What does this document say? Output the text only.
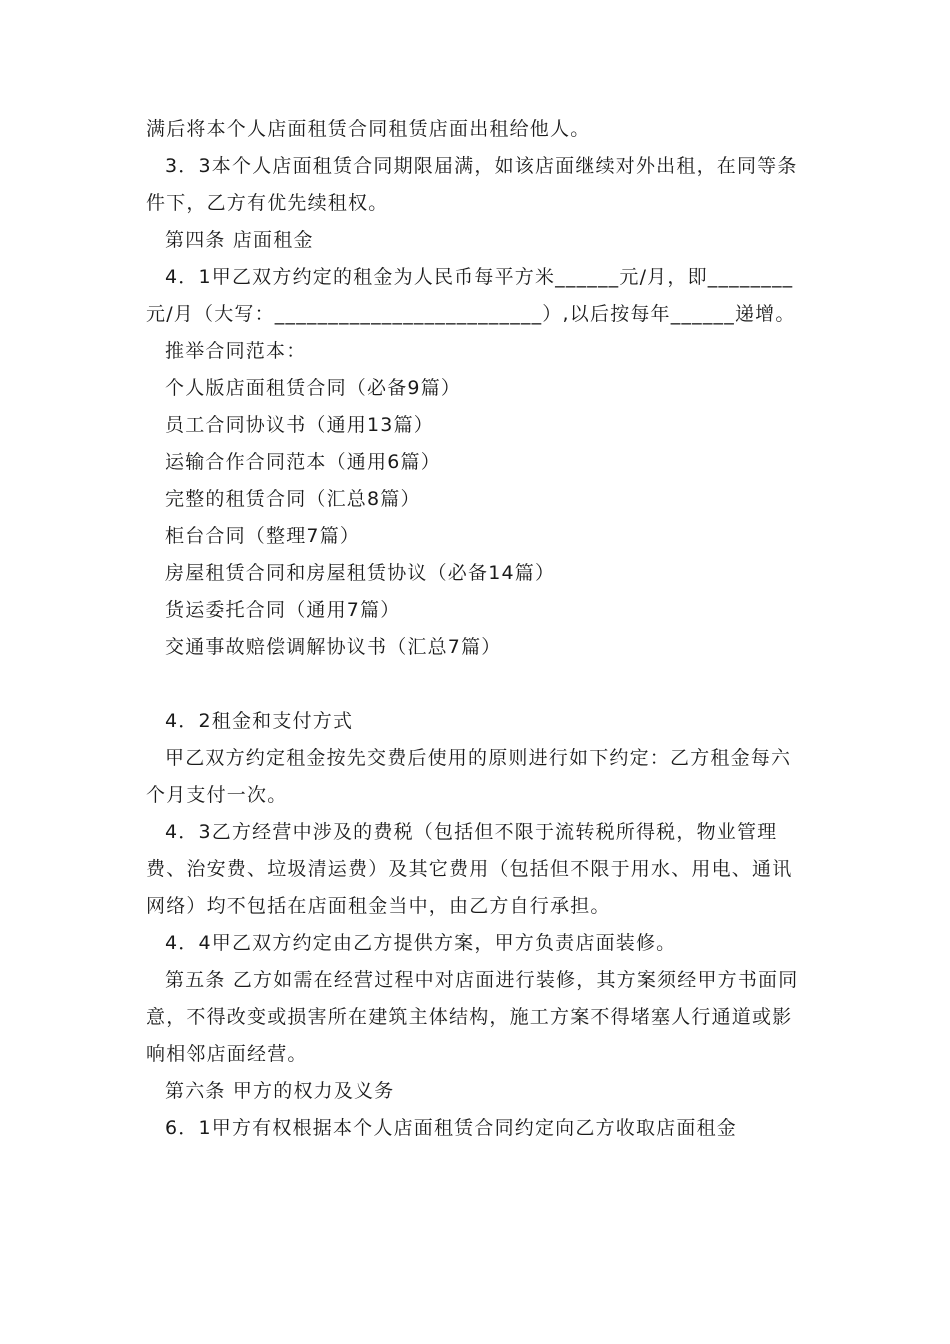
满后将本个人店面租赁合同租赁店面出租给他人。

3．3本个人店面租赁合同期限届满，如该店面继续对外出租，在同等条件下，乙方有优先续租权。

第四条 店面租金

4．1甲乙双方约定的租金为人民币每平方米______元/月，即________元/月（大写：_________________________）,以后按每年______递增。

推举合同范本：

个人版店面租赁合同（必备9篇）

员工合同协议书（通用13篇）

运输合作合同范本（通用6篇）

完整的租赁合同（汇总8篇）

柜台合同（整理7篇）

房屋租赁合同和房屋租赁协议（必备14篇）

货运委托合同（通用7篇）

交通事故赔偿调解协议书（汇总7篇）

4．2租金和支付方式

甲乙双方约定租金按先交费后使用的原则进行如下约定：乙方租金每六个月支付一次。

4．3乙方经营中涉及的费税（包括但不限于流转税所得税，物业管理费、治安费、垃圾清运费）及其它费用（包括但不限于用水、用电、通讯网络）均不包括在店面租金当中，由乙方自行承担。

4．4甲乙双方约定由乙方提供方案，甲方负责店面装修。

第五条 乙方如需在经营过程中对店面进行装修，其方案须经甲方书面同意，不得改变或损害所在建筑主体结构，施工方案不得堵塞人行通道或影响相邻店面经营。

第六条 甲方的权力及义务

6．1甲方有权根据本个人店面租赁合同约定向乙方收取店面租金
